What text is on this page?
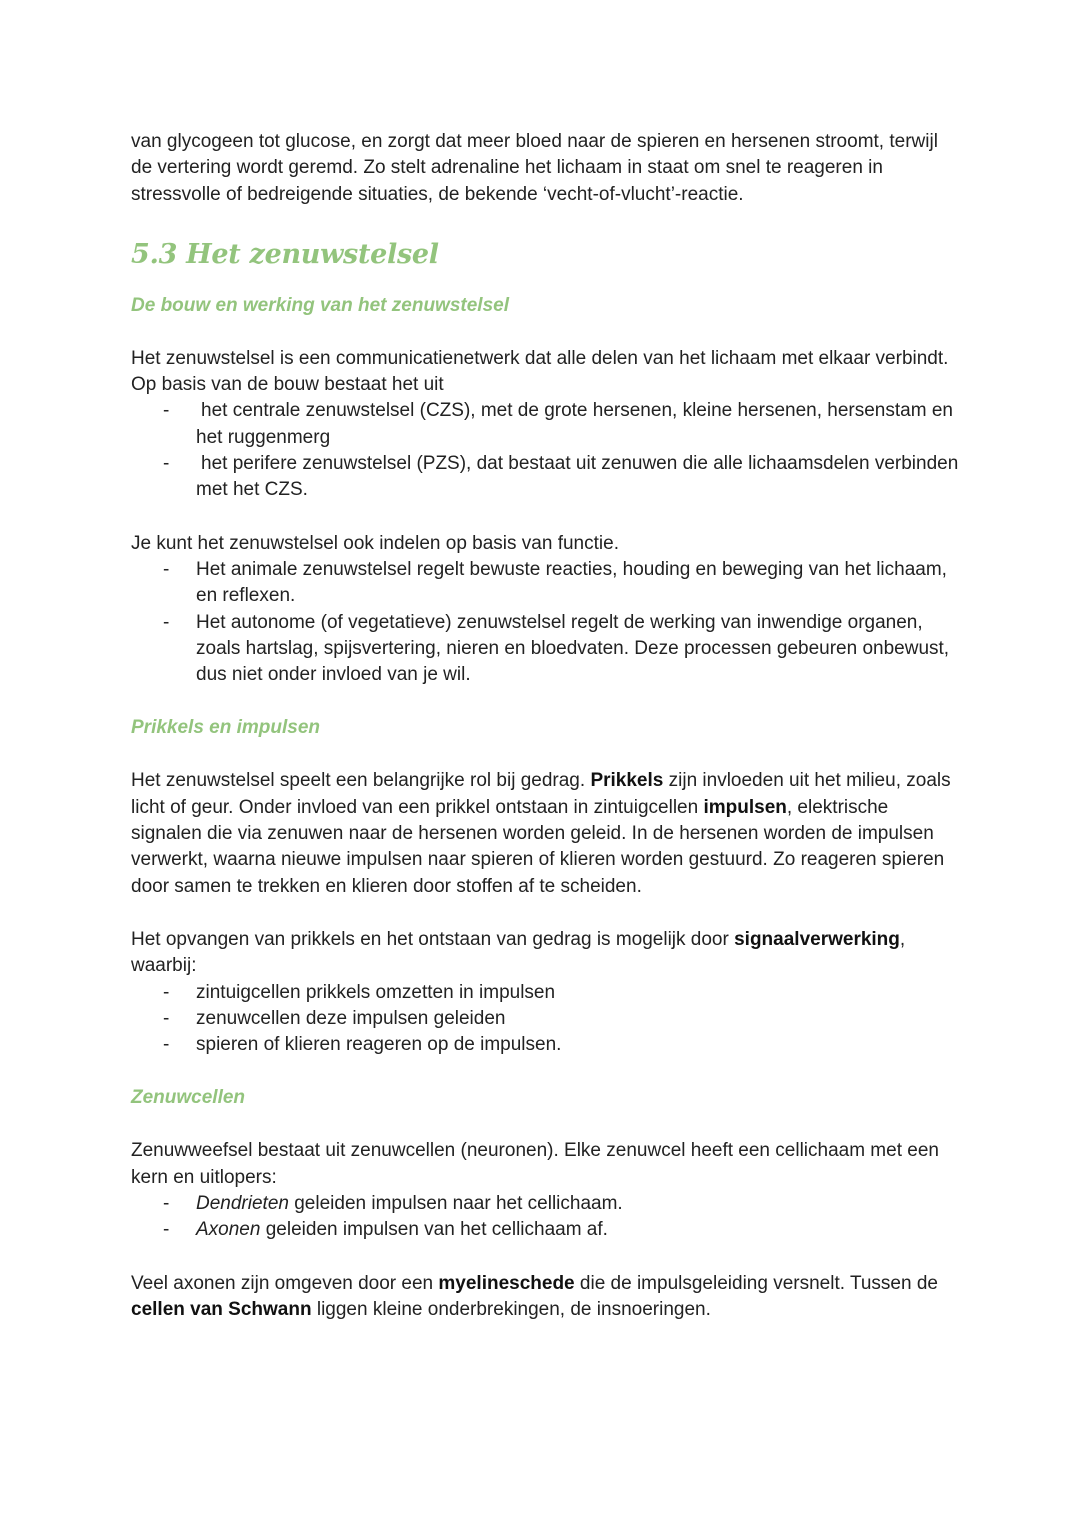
van glycogeen tot glucose, en zorgt dat meer bloed naar de spieren en hersenen stroomt, terwijl de vertering wordt geremd. Zo stelt adrenaline het lichaam in staat om snel te reageren in stressvolle of bedreigende situaties, de bekende ‘vecht-of-vlucht’-reactie.

5.3 Het zenuwstelsel
De bouw en werking van het zenuwstelsel

Het zenuwstelsel is een communicatienetwerk dat alle delen van het lichaam met elkaar verbindt. Op basis van de bouw bestaat het uit

- het centrale zenuwstelsel (CZS), met de grote hersenen, kleine hersenen, hersenstam en het ruggenmerg
- het perifere zenuwstelsel (PZS), dat bestaat uit zenuwen die alle lichaamsdelen verbinden met het CZS.

Je kunt het zenuwstelsel ook indelen op basis van functie.

- Het animale zenuwstelsel regelt bewuste reacties, houding en beweging van het lichaam, en reflexen.
- Het autonome (of vegetatieve) zenuwstelsel regelt de werking van inwendige organen, zoals hartslag, spijsvertering, nieren en bloedvaten. Deze processen gebeuren onbewust, dus niet onder invloed van je wil.
Prikkels en impulsen

Het zenuwstelsel speelt een belangrijke rol bij gedrag. Prikkels zijn invloeden uit het milieu, zoals licht of geur. Onder invloed van een prikkel ontstaan in zintuigcellen impulsen, elektrische signalen die via zenuwen naar de hersenen worden geleid. In de hersenen worden de impulsen verwerkt, waarna nieuwe impulsen naar spieren of klieren worden gestuurd. Zo reageren spieren door samen te trekken en klieren door stoffen af te scheiden.

Het opvangen van prikkels en het ontstaan van gedrag is mogelijk door signaalverwerking, waarbij:

- zintuigcellen prikkels omzetten in impulsen
- zenuwcellen deze impulsen geleiden
- spieren of klieren reageren op de impulsen.
Zenuwcellen

Zenuwweefsel bestaat uit zenuwcellen (neuronen). Elke zenuwcel heeft een cellichaam met een kern en uitlopers:

- Dendrieten geleiden impulsen naar het cellichaam.
- Axonen geleiden impulsen van het cellichaam af.

Veel axonen zijn omgeven door een myelineschede die de impulsgeleiding versnelt. Tussen de cellen van Schwann liggen kleine onderbrekingen, de insnoeringen.
